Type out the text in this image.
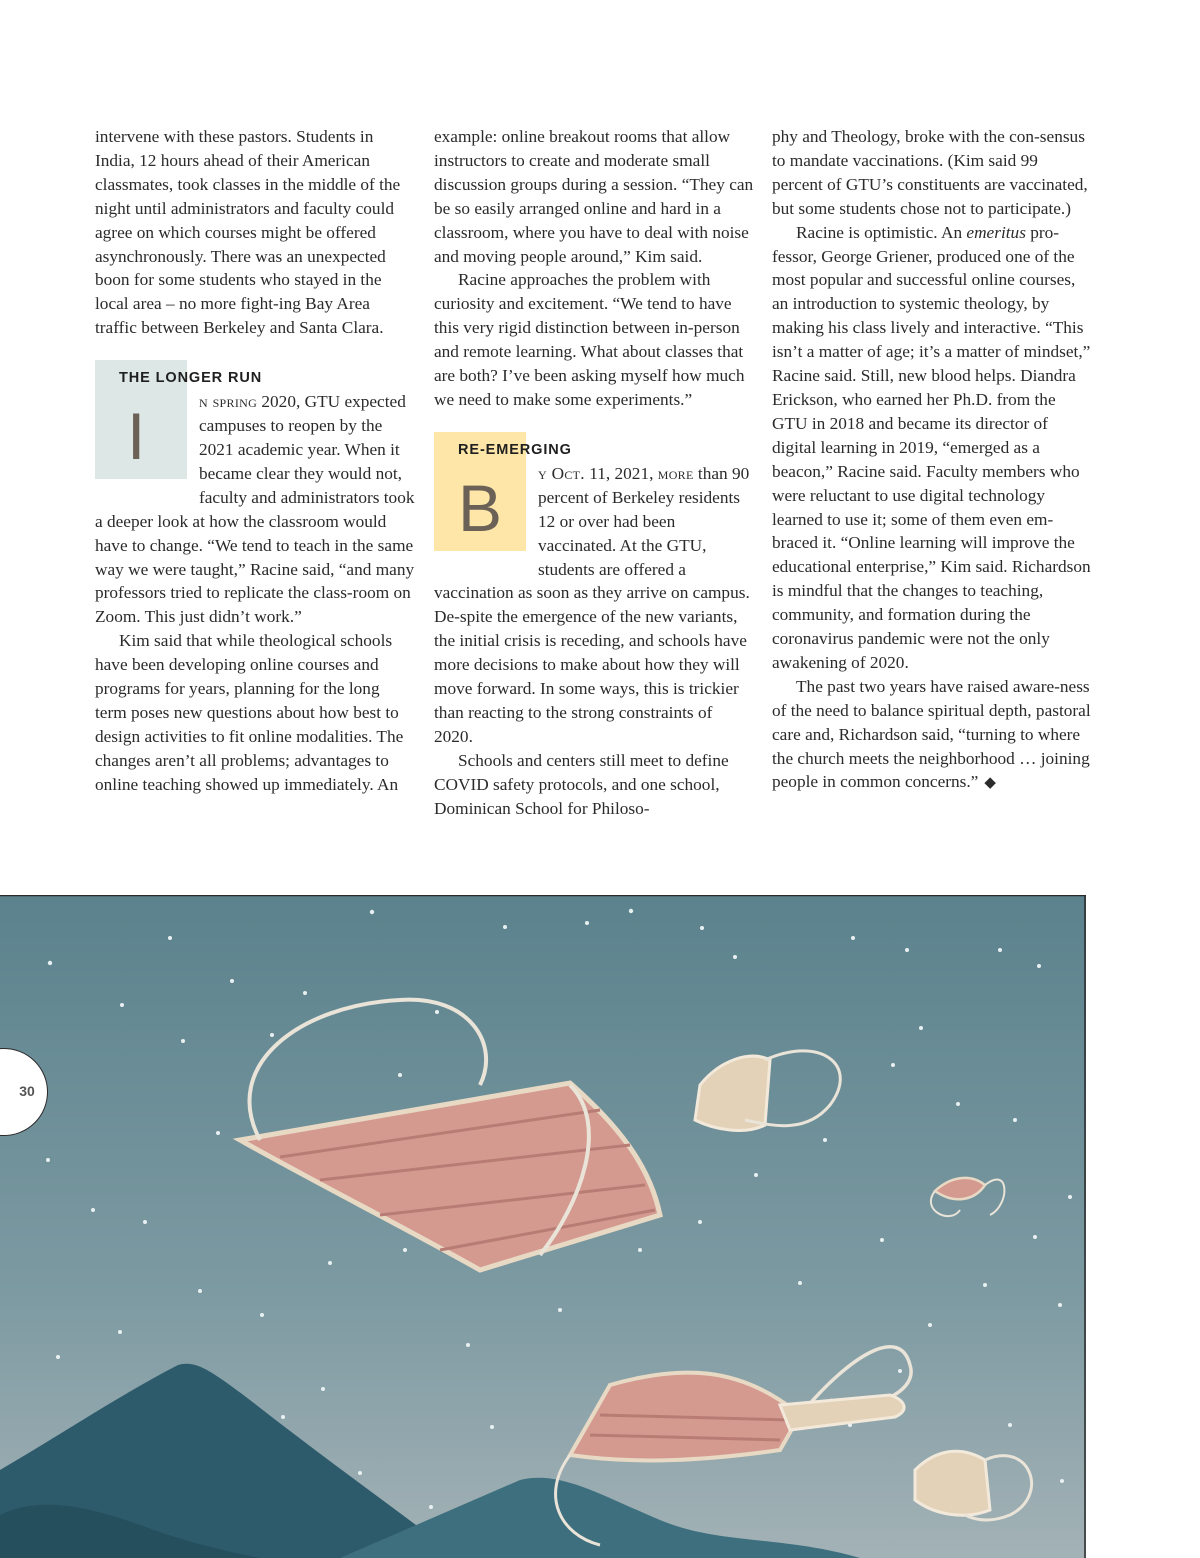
intervene with these pastors. Students in India, 12 hours ahead of their American classmates, took classes in the middle of the night until administrators and faculty could agree on which courses might be offered asynchronously. There was an unexpected boon for some students who stayed in the local area – no more fight-ing Bay Area traffic between Berkeley and Santa Clara.

THE LONGER RUN

I	n spring 2020, GTU expected campuses to reopen by the 2021 academic year. When it became clear they would not, faculty and administrators took a deeper look at how the classroom would have to change. “We tend to teach in the same way we were taught,” Racine said, “and many professors tried to replicate the class-room on Zoom. This just didn’t work.”

Kim said that while theological schools have been developing online courses and programs for years, planning for the long term poses new questions about how best to design activities to fit online modalities. The changes aren’t all problems; advantages to online teaching showed up immediately. An

example: online breakout rooms that allow instructors to create and moderate small discussion groups during a session. “They can be so easily arranged online and hard in a classroom, where you have to deal with noise and moving people around,” Kim said.

Racine approaches the problem with curiosity and excitement. “We tend to have this very rigid distinction between in-person and remote learning. What about classes that are both? I’ve been asking myself how much we need to make some experiments.”

RE-EMERGING

B	y Oct. 11, 2021, more than 90 percent of Berkeley residents 12 or over had been vaccinated. At the GTU, students are offered a vaccination as soon as they arrive on campus. De-spite the emergence of the new variants, the initial crisis is receding, and schools have more decisions to make about how they will move forward. In some ways, this is trickier than reacting to the strong constraints of 2020.

Schools and centers still meet to define COVID safety protocols, and one school, Dominican School for Philoso-

phy and Theology, broke with the con-sensus to mandate vaccinations. (Kim said 99 percent of GTU’s constituents are vaccinated, but some students chose not to participate.)

Racine is optimistic. An emeritus pro-fessor, George Griener, produced one of the most popular and successful online courses, an introduction to systemic theology, by making his class lively and interactive. “This isn’t a matter of age; it’s a matter of mindset,” Racine said. Still, new blood helps. Diandra Erickson, who earned her Ph.D. from the GTU in 2018 and became its director of digital learning in 2019, “emerged as a beacon,” Racine said. Faculty members who were reluctant to use digital technology learned to use it; some of them even em-braced it. “Online learning will improve the educational enterprise,” Kim said. Richardson is mindful that the changes to teaching, community, and formation during the coronavirus pandemic were not the only awakening of 2020.

The past two years have raised aware-ness of the need to balance spiritual depth, pastoral care and, Richardson said, “turning to where the church meets the neighborhood … joining people in common concerns.” ◆

30
